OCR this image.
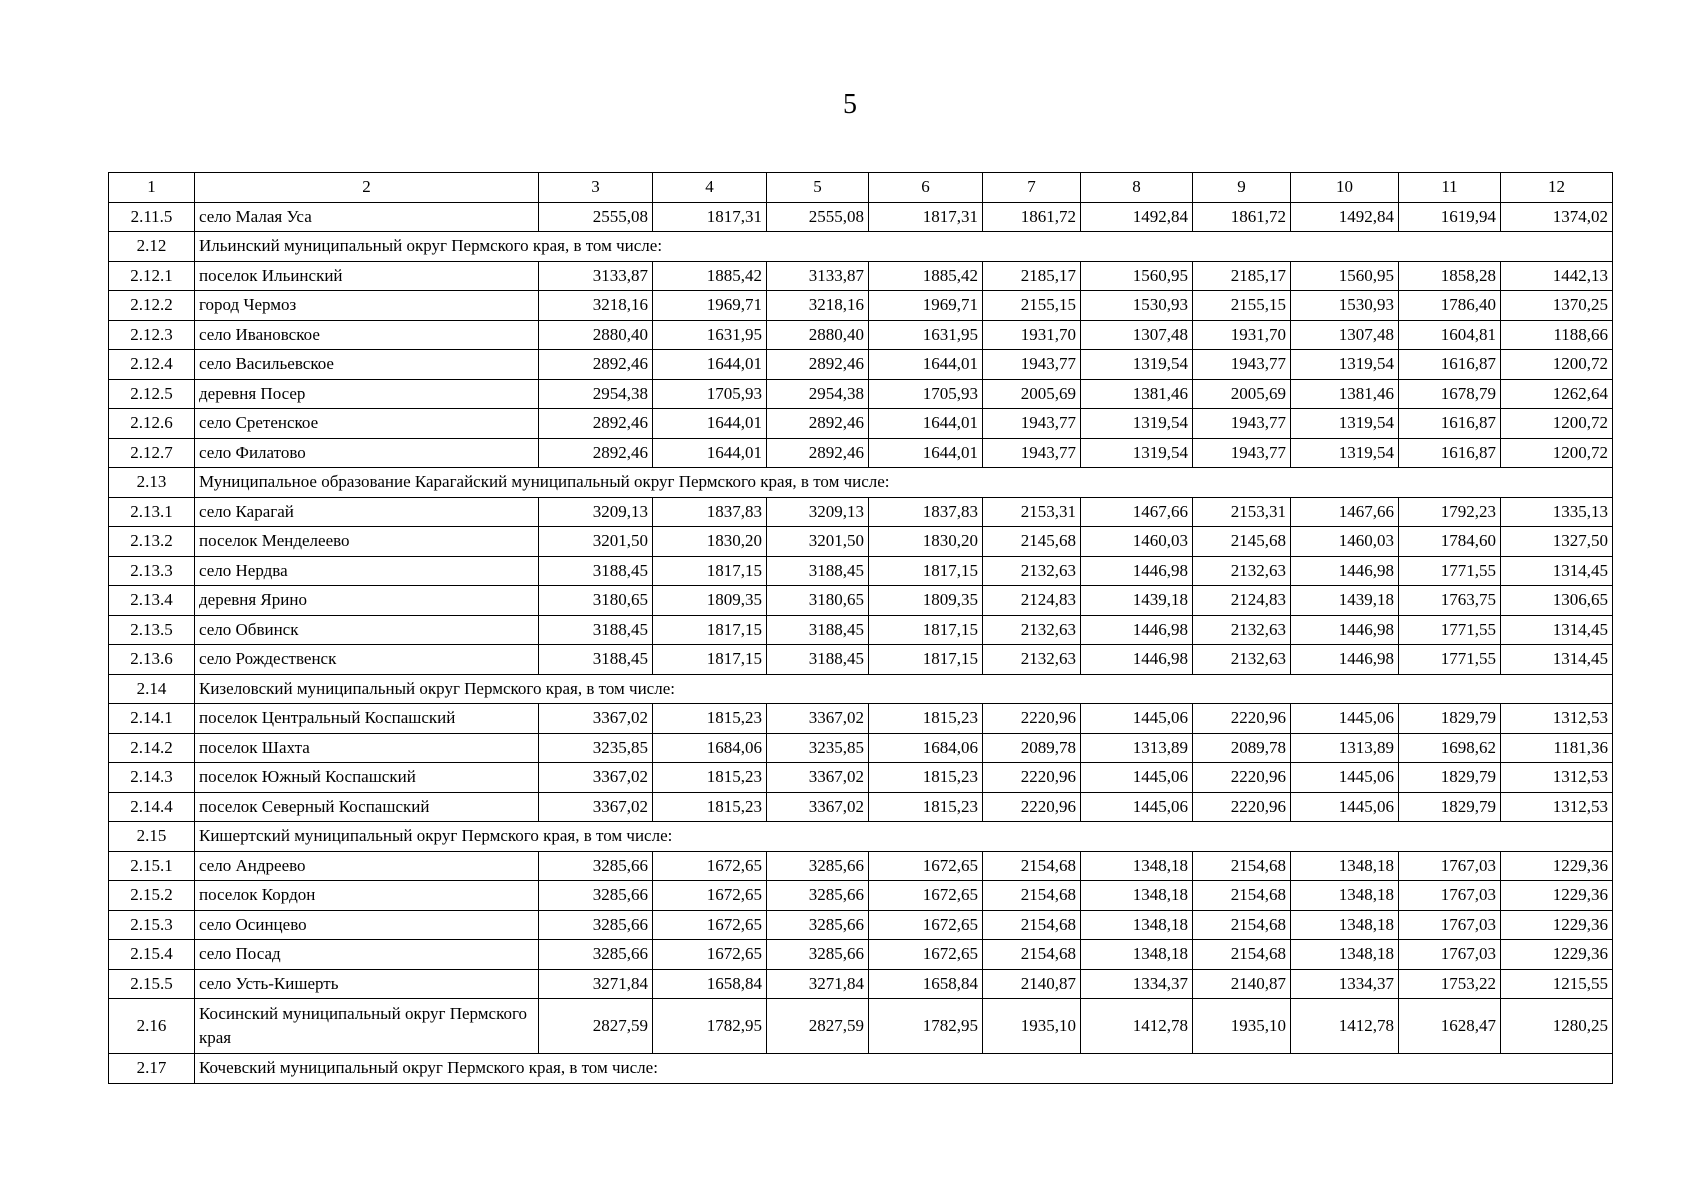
5
1	2	3	4	5	6	7	8	9	10	11	12
2.11.5	село Малая Уса	2555,08	1817,31	2555,08	1817,31	1861,72	1492,84	1861,72	1492,84	1619,94	1374,02
2.12	Ильинский муниципальный округ Пермского края, в том числе:										
2.12.1	поселок Ильинский	3133,87	1885,42	3133,87	1885,42	2185,17	1560,95	2185,17	1560,95	1858,28	1442,13
2.12.2	город Чермоз	3218,16	1969,71	3218,16	1969,71	2155,15	1530,93	2155,15	1530,93	1786,40	1370,25
2.12.3	село Ивановское	2880,40	1631,95	2880,40	1631,95	1931,70	1307,48	1931,70	1307,48	1604,81	1188,66
2.12.4	село Васильевское	2892,46	1644,01	2892,46	1644,01	1943,77	1319,54	1943,77	1319,54	1616,87	1200,72
2.12.5	деревня Посер	2954,38	1705,93	2954,38	1705,93	2005,69	1381,46	2005,69	1381,46	1678,79	1262,64
2.12.6	село Сретенское	2892,46	1644,01	2892,46	1644,01	1943,77	1319,54	1943,77	1319,54	1616,87	1200,72
2.12.7	село Филатово	2892,46	1644,01	2892,46	1644,01	1943,77	1319,54	1943,77	1319,54	1616,87	1200,72
2.13	Муниципальное образование Карагайский муниципальный округ Пермского края, в том числе:										
2.13.1	село Карагай	3209,13	1837,83	3209,13	1837,83	2153,31	1467,66	2153,31	1467,66	1792,23	1335,13
2.13.2	поселок Менделеево	3201,50	1830,20	3201,50	1830,20	2145,68	1460,03	2145,68	1460,03	1784,60	1327,50
2.13.3	село Нердва	3188,45	1817,15	3188,45	1817,15	2132,63	1446,98	2132,63	1446,98	1771,55	1314,45
2.13.4	деревня Ярино	3180,65	1809,35	3180,65	1809,35	2124,83	1439,18	2124,83	1439,18	1763,75	1306,65
2.13.5	село Обвинск	3188,45	1817,15	3188,45	1817,15	2132,63	1446,98	2132,63	1446,98	1771,55	1314,45
2.13.6	село Рождественск	3188,45	1817,15	3188,45	1817,15	2132,63	1446,98	2132,63	1446,98	1771,55	1314,45
2.14	Кизеловский муниципальный округ Пермского края, в том числе:										
2.14.1	поселок Центральный Коспашский	3367,02	1815,23	3367,02	1815,23	2220,96	1445,06	2220,96	1445,06	1829,79	1312,53
2.14.2	поселок Шахта	3235,85	1684,06	3235,85	1684,06	2089,78	1313,89	2089,78	1313,89	1698,62	1181,36
2.14.3	поселок Южный Коспашский	3367,02	1815,23	3367,02	1815,23	2220,96	1445,06	2220,96	1445,06	1829,79	1312,53
2.14.4	поселок Северный Коспашский	3367,02	1815,23	3367,02	1815,23	2220,96	1445,06	2220,96	1445,06	1829,79	1312,53
2.15	Кишертский муниципальный округ Пермского края, в том числе:										
2.15.1	село Андреево	3285,66	1672,65	3285,66	1672,65	2154,68	1348,18	2154,68	1348,18	1767,03	1229,36
2.15.2	поселок Кордон	3285,66	1672,65	3285,66	1672,65	2154,68	1348,18	2154,68	1348,18	1767,03	1229,36
2.15.3	село Осинцево	3285,66	1672,65	3285,66	1672,65	2154,68	1348,18	2154,68	1348,18	1767,03	1229,36
2.15.4	село Посад	3285,66	1672,65	3285,66	1672,65	2154,68	1348,18	2154,68	1348,18	1767,03	1229,36
2.15.5	село Усть-Кишерть	3271,84	1658,84	3271,84	1658,84	2140,87	1334,37	2140,87	1334,37	1753,22	1215,55
2.16	Косинский муниципальный округ Пермского края	2827,59	1782,95	2827,59	1782,95	1935,10	1412,78	1935,10	1412,78	1628,47	1280,25
2.17	Кочевский муниципальный округ Пермского края, в том числе:										
